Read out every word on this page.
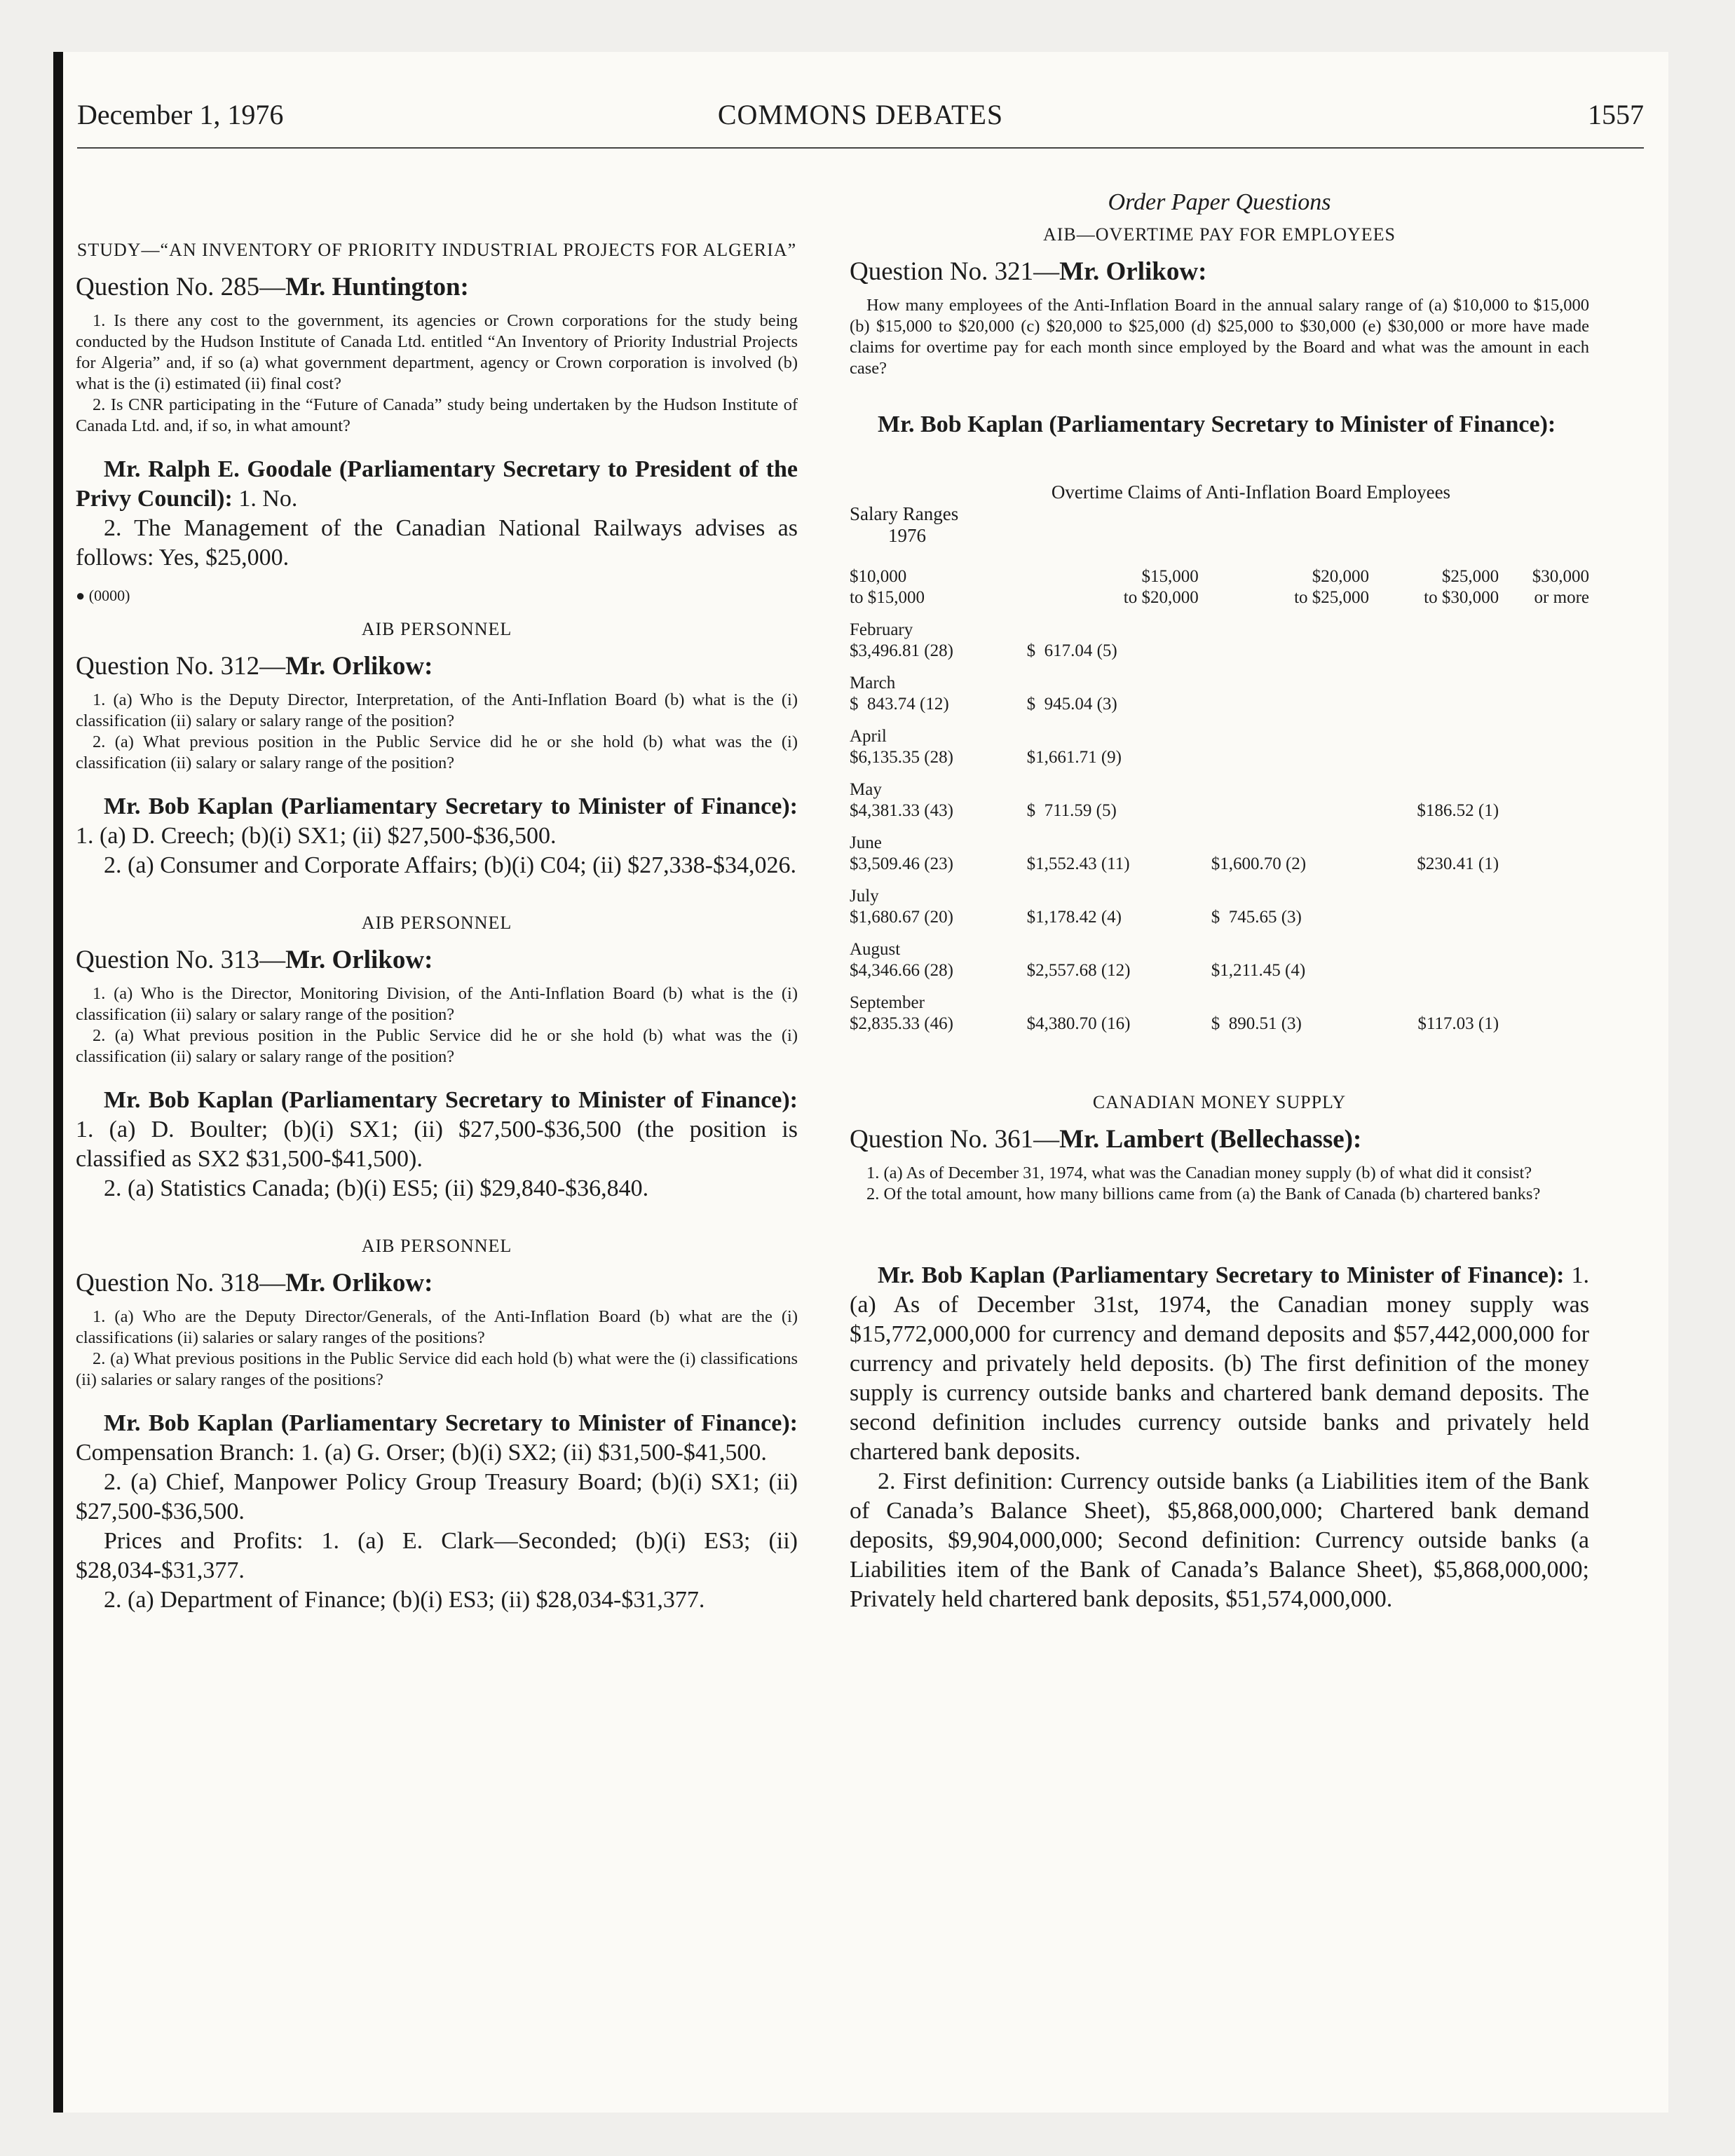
December 1, 1976	COMMONS DEBATES	1557

STUDY—“AN INVENTORY OF PRIORITY INDUSTRIAL PROJECTS FOR ALGERIA”

Question No. 285—Mr. Huntington:

1. Is there any cost to the government, its agencies or Crown corporations for the study being conducted by the Hudson Institute of Canada Ltd. entitled “An Inventory of Priority Industrial Projects for Algeria” and, if so (a) what government department, agency or Crown corporation is involved (b) what is the (i) estimated (ii) final cost?

2. Is CNR participating in the “Future of Canada” study being undertaken by the Hudson Institute of Canada Ltd. and, if so, in what amount?

Mr. Ralph E. Goodale (Parliamentary Secretary to President of the Privy Council): 1. No.

2. The Management of the Canadian National Railways advises as follows: Yes, $25,000.

● (0000)

AIB PERSONNEL

Question No. 312—Mr. Orlikow:

1. (a) Who is the Deputy Director, Interpretation, of the Anti-Inflation Board (b) what is the (i) classification (ii) salary or salary range of the position?

2. (a) What previous position in the Public Service did he or she hold (b) what was the (i) classification (ii) salary or salary range of the position?

Mr. Bob Kaplan (Parliamentary Secretary to Minister of Finance): 1. (a) D. Creech; (b)(i) SX1; (ii) $27,500-$36,500.

2. (a) Consumer and Corporate Affairs; (b)(i) C04; (ii) $27,338-$34,026.

AIB PERSONNEL

Question No. 313—Mr. Orlikow:

1. (a) Who is the Director, Monitoring Division, of the Anti-Inflation Board (b) what is the (i) classification (ii) salary or salary range of the position?

2. (a) What previous position in the Public Service did he or she hold (b) what was the (i) classification (ii) salary or salary range of the position?

Mr. Bob Kaplan (Parliamentary Secretary to Minister of Finance): 1. (a) D. Boulter; (b)(i) SX1; (ii) $27,500-$36,500 (the position is classified as SX2 $31,500-$41,500).

2. (a) Statistics Canada; (b)(i) ES5; (ii) $29,840-$36,840.

AIB PERSONNEL

Question No. 318—Mr. Orlikow:

1. (a) Who are the Deputy Director/Generals, of the Anti-Inflation Board (b) what are the (i) classifications (ii) salaries or salary ranges of the positions?

2. (a) What previous positions in the Public Service did each hold (b) what were the (i) classifications (ii) salaries or salary ranges of the positions?

Mr. Bob Kaplan (Parliamentary Secretary to Minister of Finance): Compensation Branch: 1. (a) G. Orser; (b)(i) SX2; (ii) $31,500-$41,500.

2. (a) Chief, Manpower Policy Group Treasury Board; (b)(i) SX1; (ii) $27,500-$36,500.

Prices and Profits: 1. (a) E. Clark—Seconded; (b)(i) ES3; (ii) $28,034-$31,377.

2. (a) Department of Finance; (b)(i) ES3; (ii) $28,034-$31,377.

Order Paper Questions

AIB—OVERTIME PAY FOR EMPLOYEES

Question No. 321—Mr. Orlikow:

How many employees of the Anti-Inflation Board in the annual salary range of (a) $10,000 to $15,000 (b) $15,000 to $20,000 (c) $20,000 to $25,000 (d) $25,000 to $30,000 (e) $30,000 or more have made claims for overtime pay for each month since employed by the Board and what was the amount in each case?

Mr. Bob Kaplan (Parliamentary Secretary to Minister of Finance):

Overtime Claims of Anti-Inflation Board Employees

Salary Ranges
1976
$10,000	$15,000	$20,000	$25,000	$30,000
to $15,000	to $20,000	to $25,000	to $30,000	or more
February				
$3,496.81 (28)	$  617.04 (5)			
March				
$  843.74 (12)	$  945.04 (3)			
April				
$6,135.35 (28)	$1,661.71 (9)			
May				
$4,381.33 (43)	$  711.59 (5)		$186.52 (1)	
June				
$3,509.46 (23)	$1,552.43 (11)	$1,600.70 (2)	$230.41 (1)	
July				
$1,680.67 (20)	$1,178.42 (4)	$  745.65 (3)		
August				
$4,346.66 (28)	$2,557.68 (12)	$1,211.45 (4)		
September				
$2,835.33 (46)	$4,380.70 (16)	$  890.51 (3)	$117.03 (1)	

CANADIAN MONEY SUPPLY

Question No. 361—Mr. Lambert (Bellechasse):

1. (a) As of December 31, 1974, what was the Canadian money supply (b) of what did it consist?

2. Of the total amount, how many billions came from (a) the Bank of Canada (b) chartered banks?

Mr. Bob Kaplan (Parliamentary Secretary to Minister of Finance): 1. (a) As of December 31st, 1974, the Canadian money supply was $15,772,000,000 for currency and demand deposits and $57,442,000,000 for currency and privately held deposits. (b) The first definition of the money supply is currency outside banks and chartered bank demand deposits. The second definition includes currency outside banks and privately held chartered bank deposits.

2. First definition: Currency outside banks (a Liabilities item of the Bank of Canada’s Balance Sheet), $5,868,000,000; Chartered bank demand deposits, $9,904,000,000; Second definition: Currency outside banks (a Liabilities item of the Bank of Canada’s Balance Sheet), $5,868,000,000; Privately held chartered bank deposits, $51,574,000,000.
